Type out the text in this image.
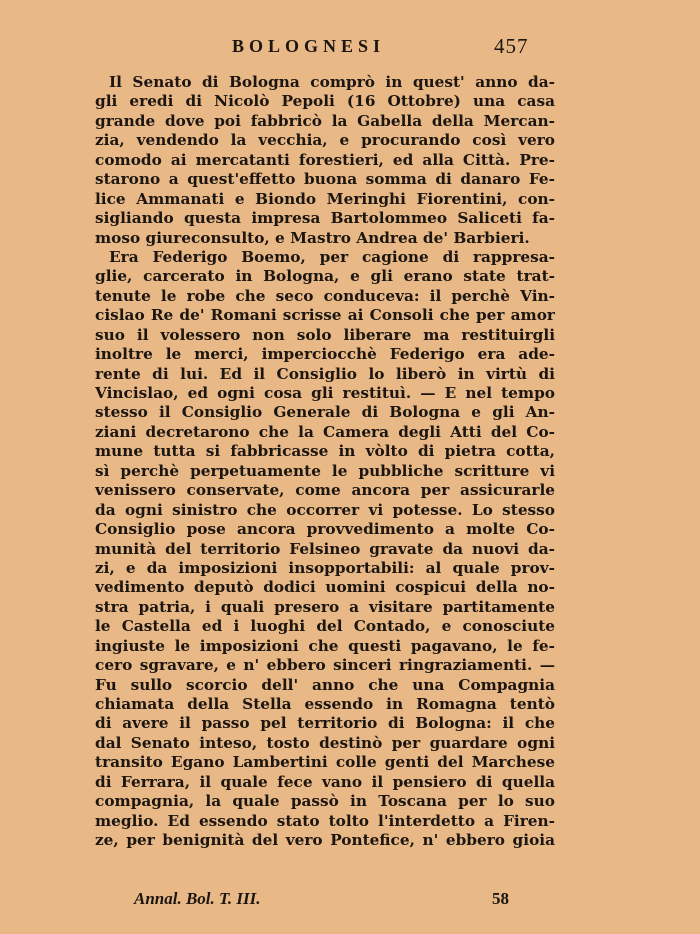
BOLOGNESI	457
Il Senato di Bologna comprò in quest' anno da-
gli eredi di Nicolò Pepoli (16 Ottobre) una casa
grande dove poi fabbricò la Gabella della Mercan-
zia, vendendo la vecchia, e procurando così vero
comodo ai mercatanti forestieri, ed alla Città. Pre-
starono a quest'effetto buona somma di danaro Fe-
lice Ammanati e Biondo Meringhi Fiorentini, con-
sigliando questa impresa Bartolommeo Saliceti fa-
moso giureconsulto, e Mastro Andrea de' Barbieri.
Era Federigo Boemo, per cagione di rappresa-
glie, carcerato in Bologna, e gli erano state trat-
tenute le robe che seco conduceva: il perchè Vin-
cislao Re de' Romani scrisse ai Consoli che per amor
suo il volessero non solo liberare ma restituirgli
inoltre le merci, imperciocchè Federigo era ade-
rente di lui. Ed il Consiglio lo liberò in virtù di
Vincislao, ed ogni cosa gli restituì. — E nel tempo
stesso il Consiglio Generale di Bologna e gli An-
ziani decretarono che la Camera degli Atti del Co-
mune tutta si fabbricasse in vòlto di pietra cotta,
sì perchè perpetuamente le pubbliche scritture vi
venissero conservate, come ancora per assicurarle
da ogni sinistro che occorrer vi potesse. Lo stesso
Consiglio pose ancora provvedimento a molte Co-
munità del territorio Felsineo gravate da nuovi da-
zi, e da imposizioni insopportabili: al quale prov-
vedimento deputò dodici uomini cospicui della no-
stra patria, i quali presero a visitare partitamente
le Castella ed i luoghi del Contado, e conosciute
ingiuste le imposizioni che questi pagavano, le fe-
cero sgravare, e n' ebbero sinceri ringraziamenti. —
Fu sullo scorcio dell' anno che una Compagnia
chiamata della Stella essendo in Romagna tentò
di avere il passo pel territorio di Bologna: il che
dal Senato inteso, tosto destinò per guardare ogni
transito Egano Lambertini colle genti del Marchese
di Ferrara, il quale fece vano il pensiero di quella
compagnia, la quale passò in Toscana per lo suo
meglio. Ed essendo stato tolto l'interdetto a Firen-
ze, per benignità del vero Pontefice, n' ebbero gioia
Annal. Bol. T. III.	58
